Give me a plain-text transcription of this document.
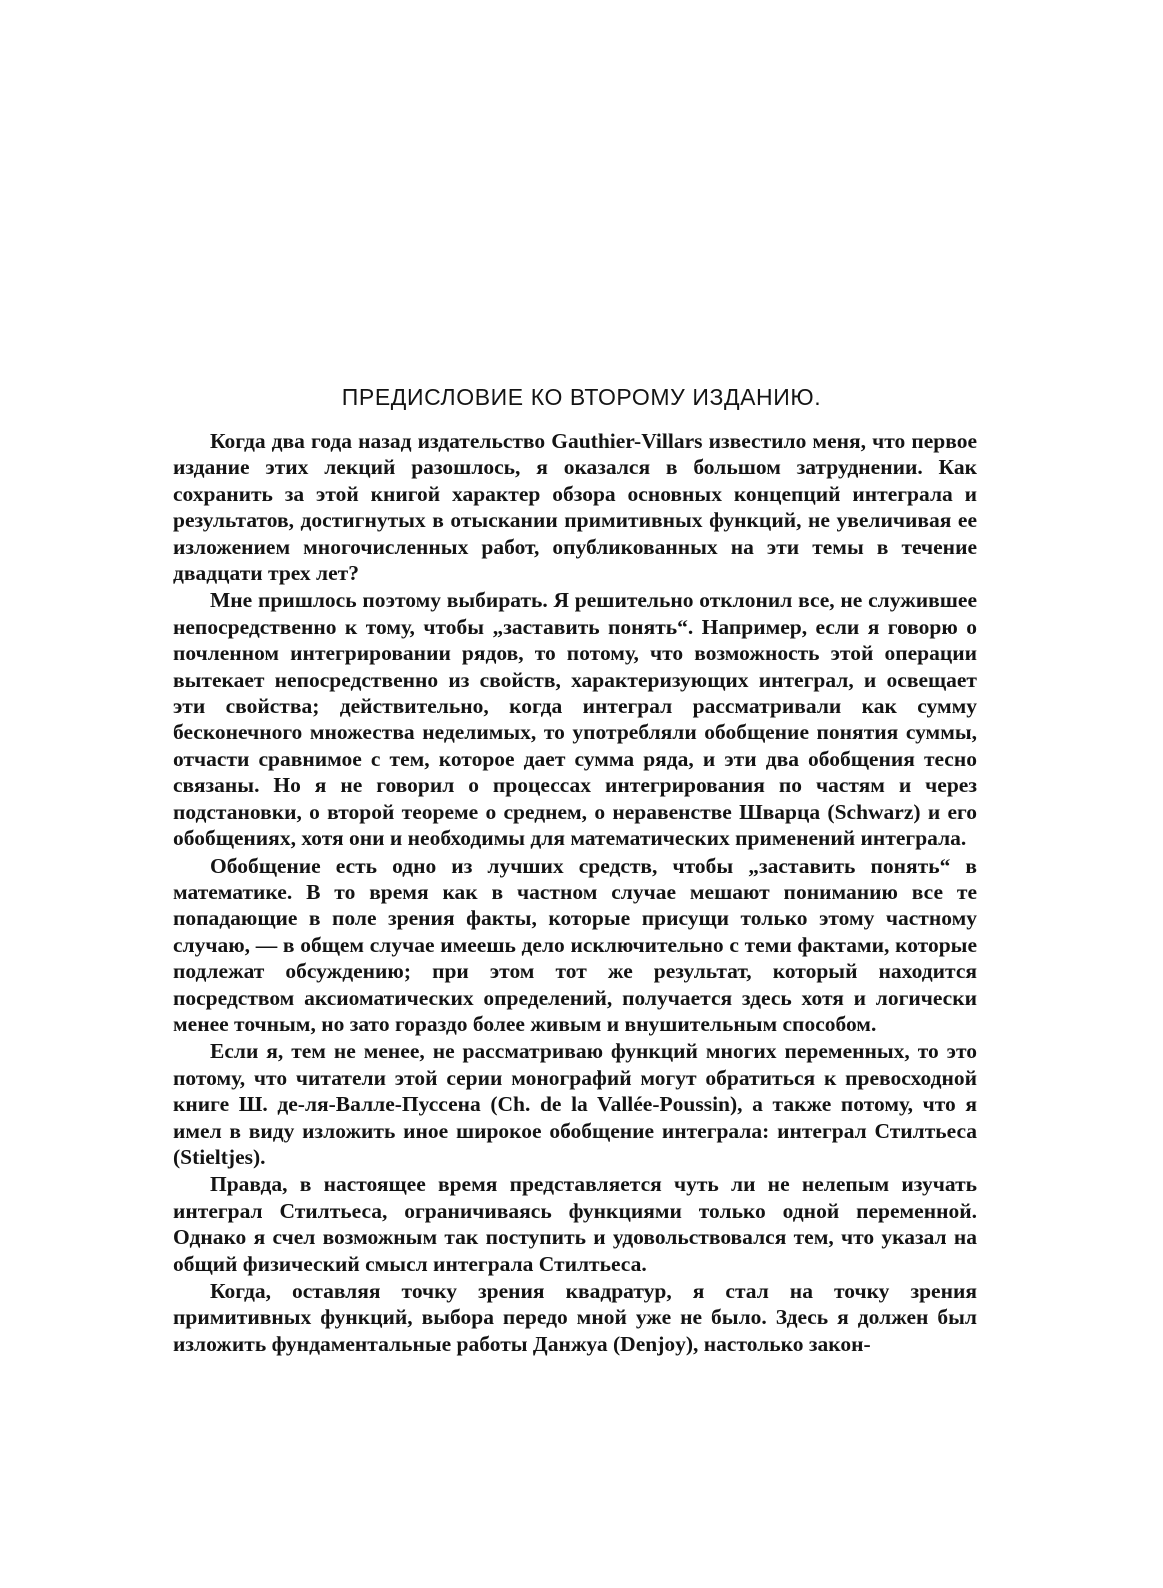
ПРЕДИСЛОВИЕ КО ВТОРОМУ ИЗДАНИЮ.

Когда два года назад издательство Gauthier-Villars известило меня, что первое издание этих лекций разошлось, я оказался в большом затруднении. Как сохранить за этой книгой характер обзора основных концепций интеграла и результатов, достигнутых в отыскании примитивных функций, не увеличивая ее изложением многочисленных работ, опубликованных на эти темы в течение двадцати трех лет?

Мне пришлось поэтому выбирать. Я решительно отклонил все, не служившее непосредственно к тому, чтобы „заставить понять“. Например, если я говорю о почленном интегрировании рядов, то потому, что возможность этой операции вытекает непосредственно из свойств, характеризующих интеграл, и освещает эти свойства; действительно, когда интеграл рассматривали как сумму бесконечного множества неделимых, то употребляли обобщение понятия суммы, отчасти сравнимое с тем, которое дает сумма ряда, и эти два обобщения тесно связаны. Но я не говорил о процессах интегрирования по частям и через подстановки, о второй теореме о среднем, о неравенстве Шварца (Schwarz) и его обобщениях, хотя они и необходимы для математических применений интеграла.

Обобщение есть одно из лучших средств, чтобы „заставить понять“ в математике. В то время как в частном случае мешают пониманию все те попадающие в поле зрения факты, которые присущи только этому частному случаю, — в общем случае имеешь дело исключительно с теми фактами, которые подлежат обсуждению; при этом тот же результат, который находится посредством аксиоматических определений, получается здесь хотя и логически менее точным, но зато гораздо более живым и внушительным способом.

Если я, тем не менее, не рассматриваю функций многих переменных, то это потому, что читатели этой серии монографий могут обратиться к превосходной книге Ш. де-ля-Валле-Пуссена (Ch. de la Vallée-Poussin), а также потому, что я имел в виду изложить иное широкое обобщение интеграла: интеграл Стилтьеса (Stieltjes).

Правда, в настоящее время представляется чуть ли не нелепым изучать интеграл Стилтьеса, ограничиваясь функциями только одной переменной. Однако я счел возможным так поступить и удовольствовался тем, что указал на общий физический смысл интеграла Стилтьеса.

Когда, оставляя точку зрения квадратур, я стал на точку зрения примитивных функций, выбора передо мной уже не было. Здесь я должен был изложить фундаментальные работы Данжуа (Denjoy), настолько закон-
